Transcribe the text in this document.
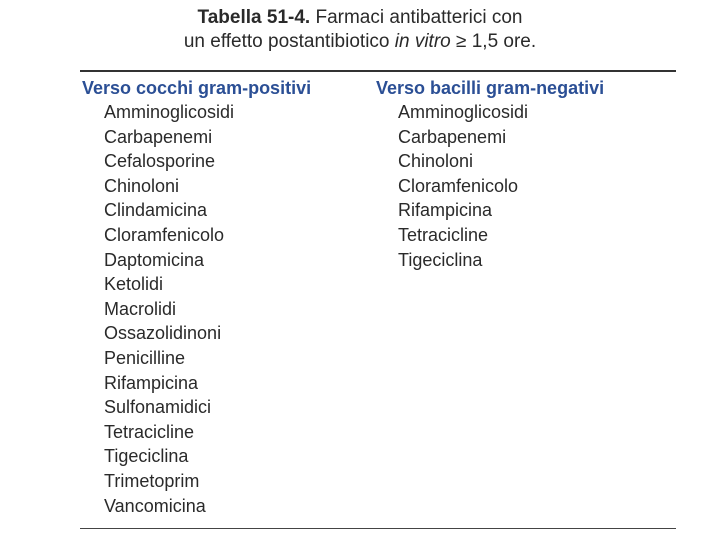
Tabella 51-4. Farmaci antibatterici con
un effetto postantibiotico in vitro ≥ 1,5 ore.
Verso cocchi gram-positivi
Amminoglicosidi
Carbapenemi
Cefalosporine
Chinoloni
Clindamicina
Cloramfenicolo
Daptomicina
Ketolidi
Macrolidi
Ossazolidinoni
Penicilline
Rifampicina
Sulfonamidici
Tetracicline
Tigeciclina
Trimetoprim
Vancomicina
Verso bacilli gram-negativi
Amminoglicosidi
Carbapenemi
Chinoloni
Cloramfenicolo
Rifampicina
Tetracicline
Tigeciclina
